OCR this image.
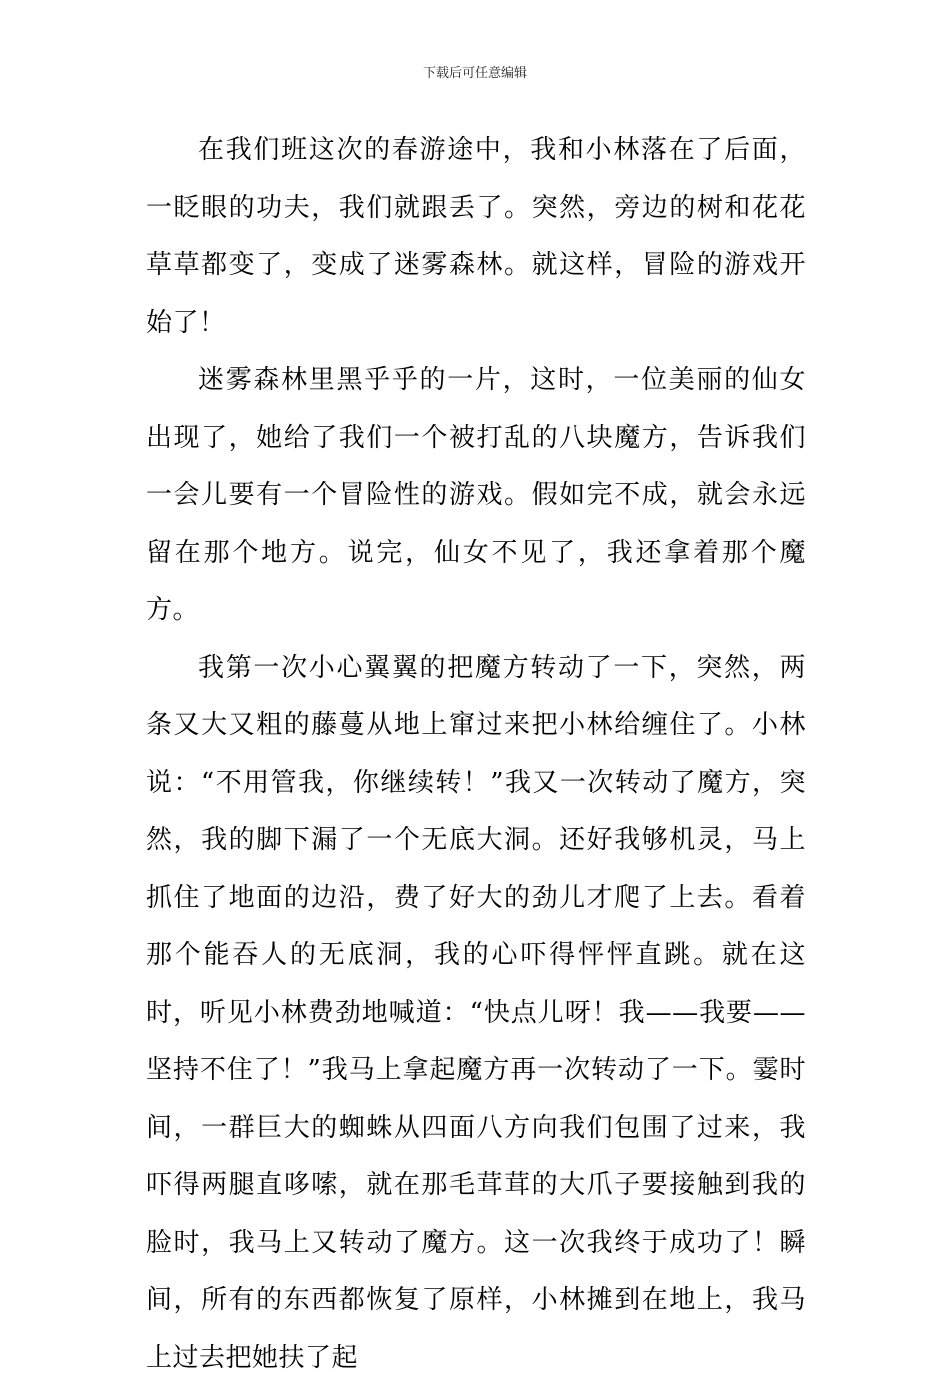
下载后可任意编辑

在我们班这次的春游途中，我和小林落在了后面，一眨眼的功夫，我们就跟丢了。突然，旁边的树和花花草草都变了，变成了迷雾森林。就这样，冒险的游戏开始了！

迷雾森林里黑乎乎的一片，这时，一位美丽的仙女出现了，她给了我们一个被打乱的八块魔方，告诉我们一会儿要有一个冒险性的游戏。假如完不成，就会永远留在那个地方。说完，仙女不见了，我还拿着那个魔方。

我第一次小心翼翼的把魔方转动了一下，突然，两条又大又粗的藤蔓从地上窜过来把小林给缠住了。小林说：“不用管我，你继续转！”我又一次转动了魔方，突然，我的脚下漏了一个无底大洞。还好我够机灵，马上抓住了地面的边沿，费了好大的劲儿才爬了上去。看着那个能吞人的无底洞，我的心吓得怦怦直跳。就在这时，听见小林费劲地喊道：“快点儿呀！我——我要——坚持不住了！”我马上拿起魔方再一次转动了一下。霎时间，一群巨大的蜘蛛从四面八方向我们包围了过来，我吓得两腿直哆嗦，就在那毛茸茸的大爪子要接触到我的脸时，我马上又转动了魔方。这一次我终于成功了！瞬间，所有的东西都恢复了原样，小林摊到在地上，我马上过去把她扶了起
